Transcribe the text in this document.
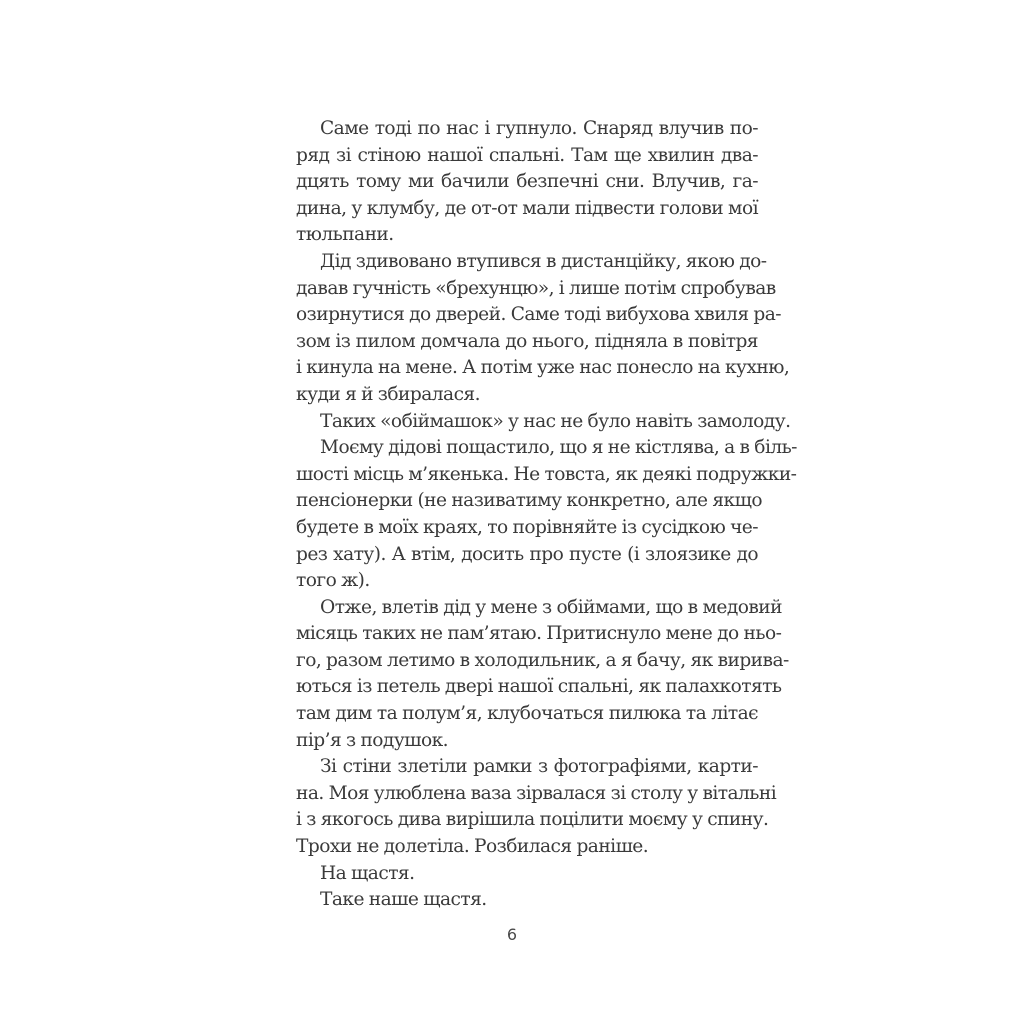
Саме тоді по нас і гупнуло. Снаряд влучив по-
ряд зі стіною нашої спальні. Там ще хвилин два-
дцять тому ми бачили безпечні сни. Влучив, га-
дина, у клумбу, де от-от мали підвести голови мої
тюльпани.
Дід здивовано втупився в дистанційку, якою до-
давав гучність «брехунцю», і лише потім спробував
озирнутися до дверей. Саме тоді вибухова хвиля ра-
зом із пилом домчала до нього, підняла в повітря
і кинула на мене. А потім уже нас понесло на кухню,
куди я й збиралася.
Таких «обіймашок» у нас не було навіть замолоду.
Моєму дідові пощастило, що я не кістлява, а в біль-
шості місць м’якенька. Не товста, як деякі подружки-
пенсіонерки (не називатиму конкретно, але якщо
будете в моїх краях, то порівняйте із сусідкою че-
рез хату). А втім, досить про пусте (і злоязике до
того ж).
Отже, влетів дід у мене з обіймами, що в медовий
місяць таких не пам’ятаю. Притиснуло мене до ньо-
го, разом летимо в холодильник, а я бачу, як вирива-
ються із петель двері нашої спальні, як палахкотять
там дим та полум’я, клубочаться пилюка та літає
пір’я з подушок.
Зі стіни злетіли рамки з фотографіями, карти-
на. Моя улюблена ваза зірвалася зі столу у вітальні
і з якогось дива вирішила поцілити моєму у спину.
Трохи не долетіла. Розбилася раніше.
На щастя.
Таке наше щастя.
6
